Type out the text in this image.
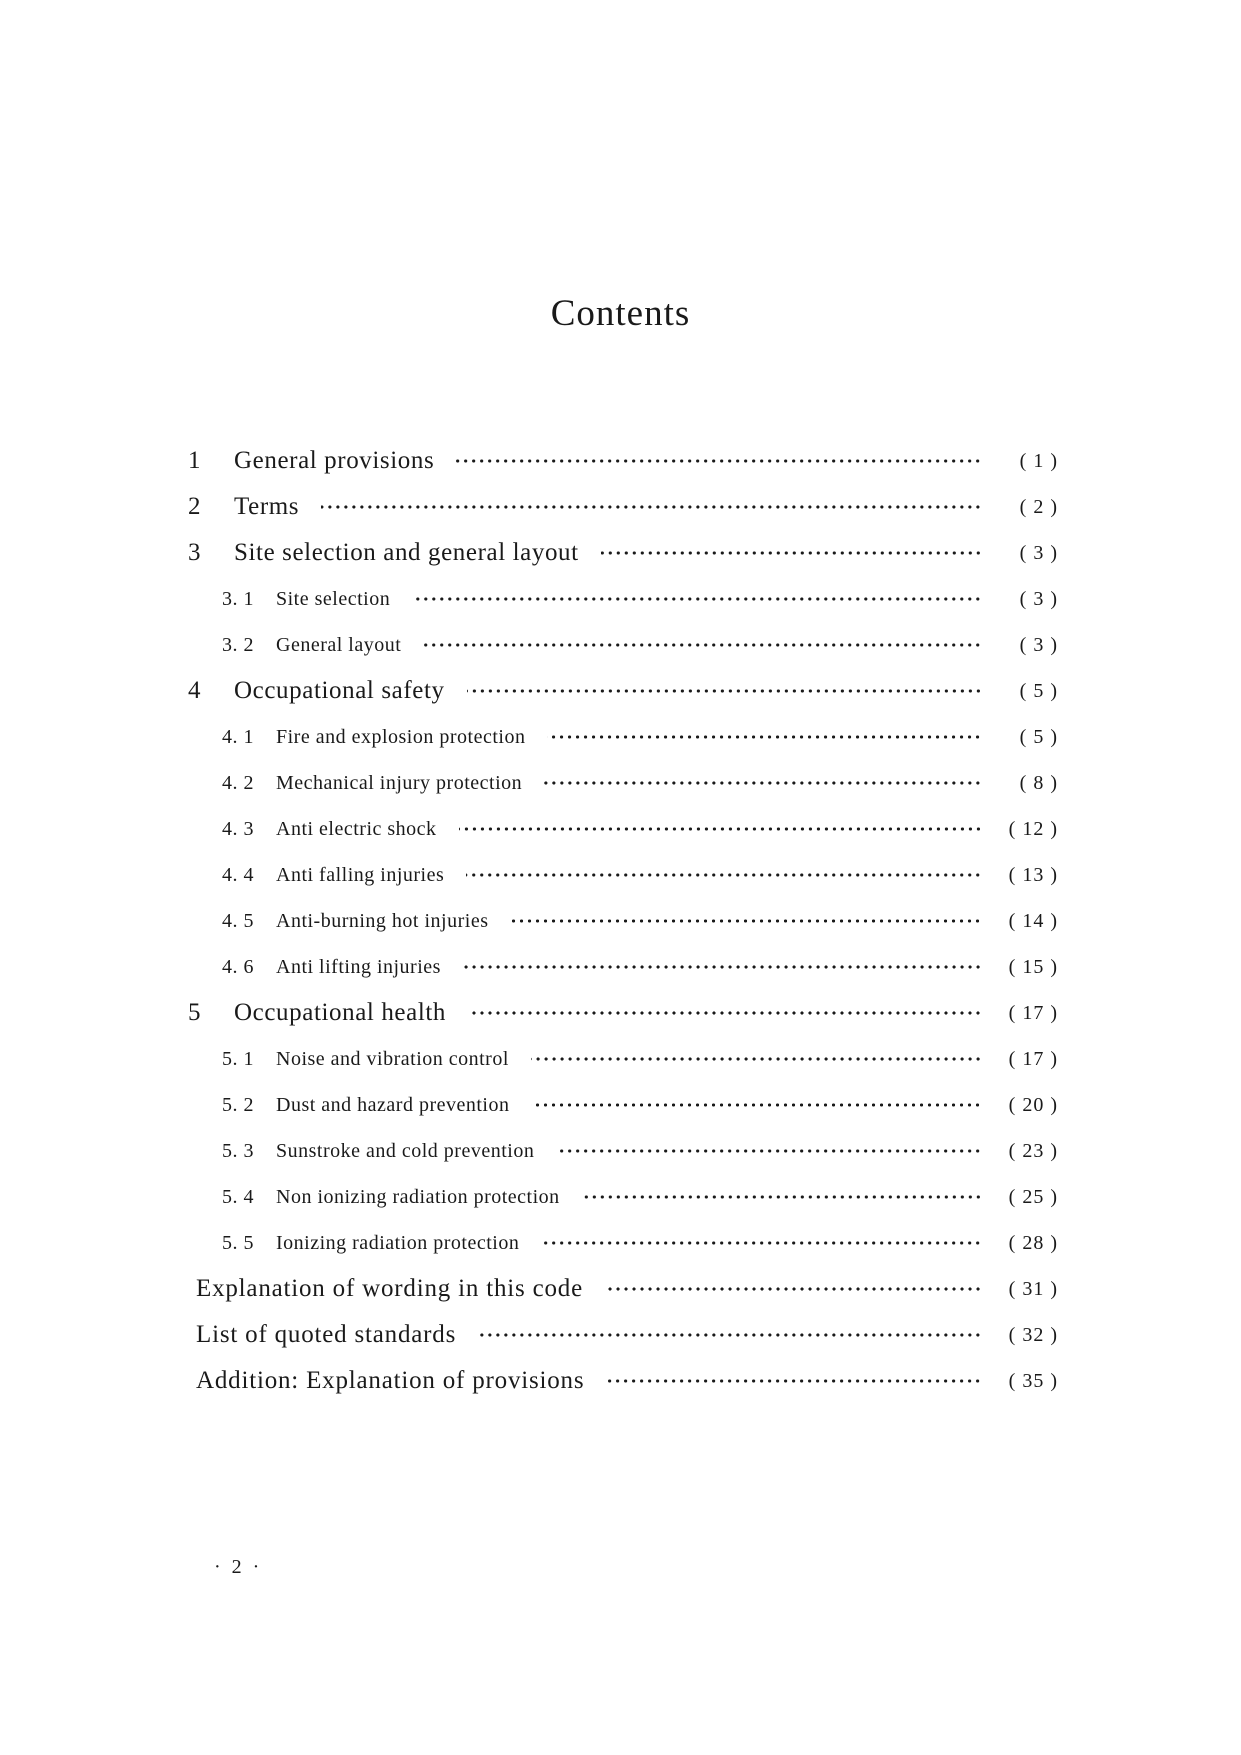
Contents
1	General provisions	( 1 )
2	Terms	( 2 )
3	Site selection and general layout	( 3 )
3. 1	Site selection	( 3 )
3. 2	General layout	( 3 )
4	Occupational safety	( 5 )
4. 1	Fire and explosion protection	( 5 )
4. 2	Mechanical injury protection	( 8 )
4. 3	Anti electric shock	( 12 )
4. 4	Anti falling injuries	( 13 )
4. 5	Anti-burning hot injuries	( 14 )
4. 6	Anti lifting injuries	( 15 )
5	Occupational health	( 17 )
5. 1	Noise and vibration control	( 17 )
5. 2	Dust and hazard prevention	( 20 )
5. 3	Sunstroke and cold prevention	( 23 )
5. 4	Non ionizing radiation protection	( 25 )
5. 5	Ionizing radiation protection	( 28 )
Explanation of wording in this code	( 31 )
List of quoted standards	( 32 )
Addition: Explanation of provisions	( 35 )
· 2 ·
